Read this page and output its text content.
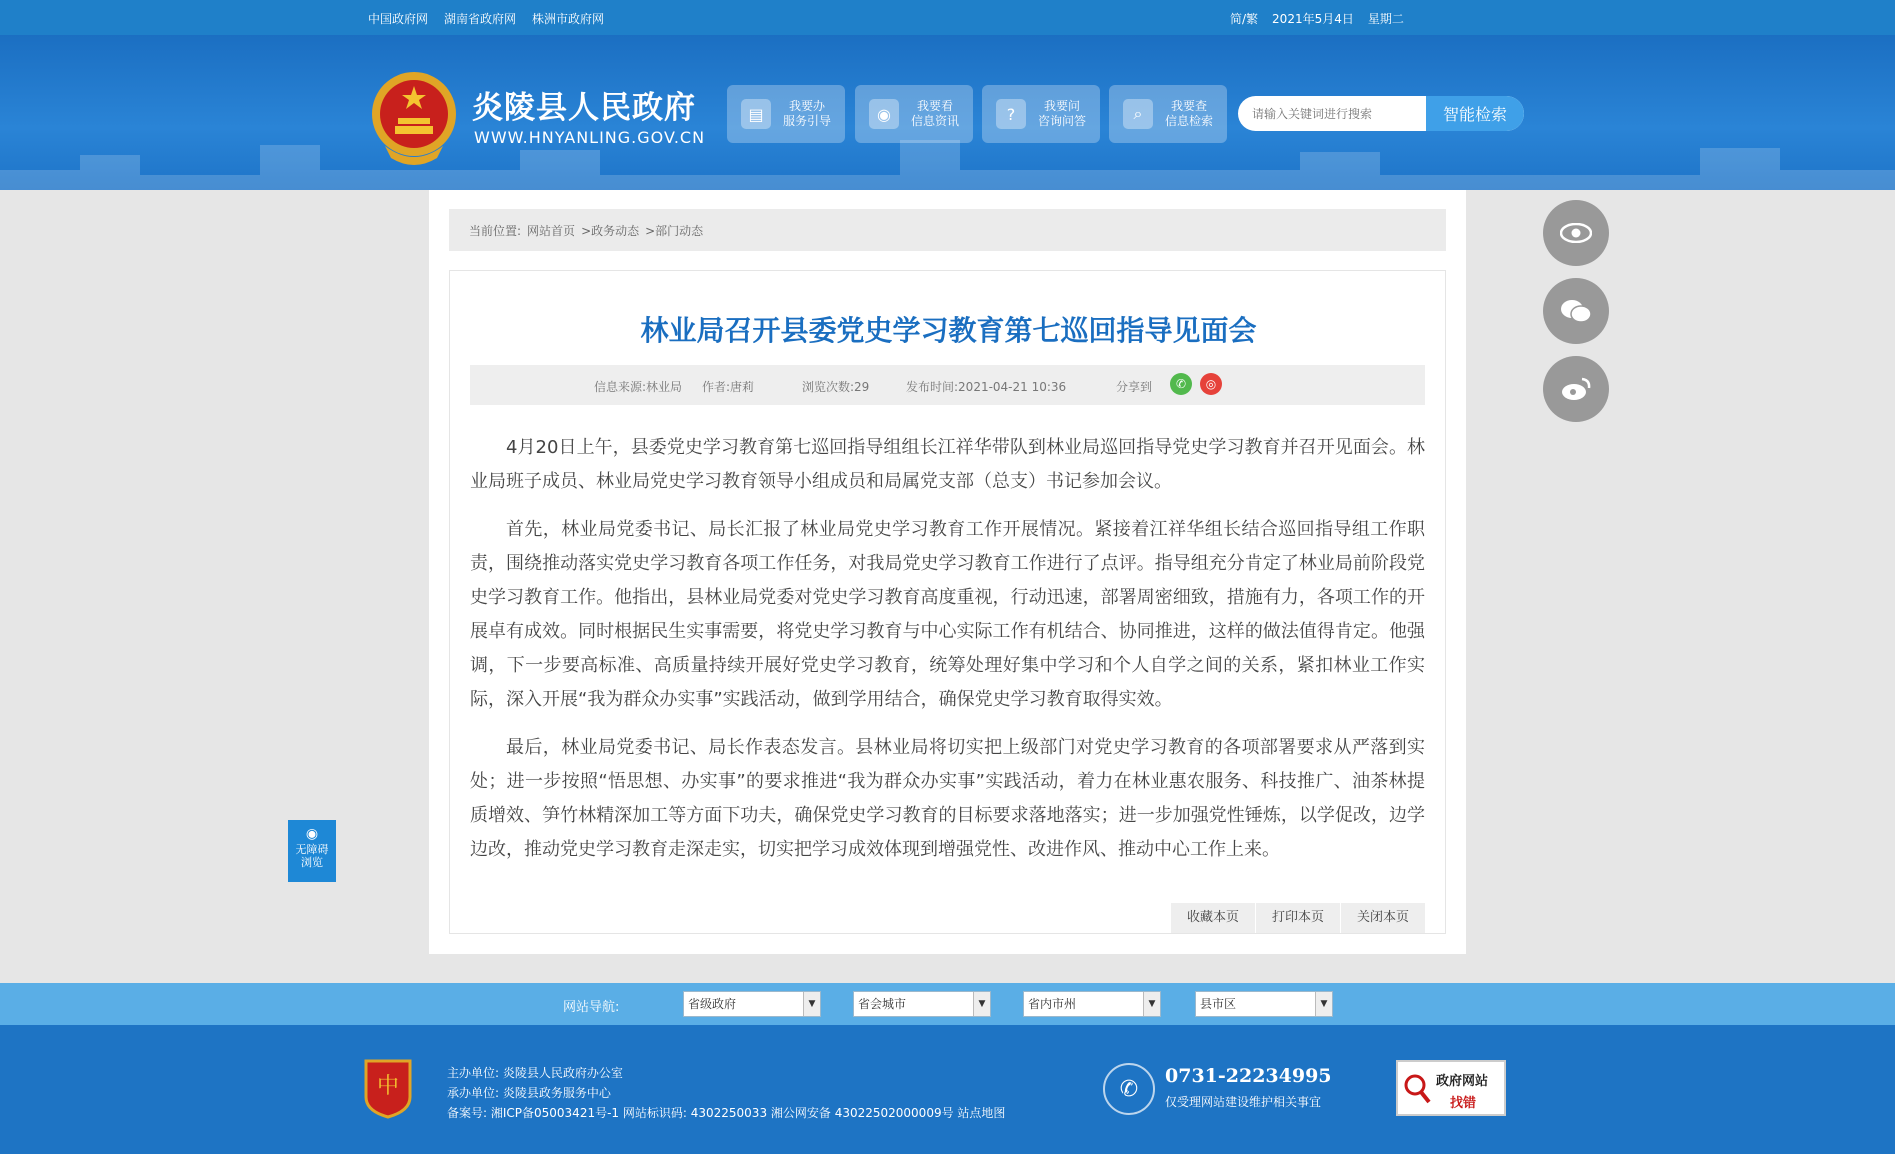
中国政府网 湖南省政府网 株洲市政府网	简/繁 2021年5月4日 星期二
炎陵县人民政府
WWW.HNYANLING.GOV.CN
▤	我要办
服务引导	◉	我要看
信息资讯	?	我要问
咨询问答	⌕	我要查
信息检索
请输入关键词进行搜索	智能检索
当前位置: 网站首页 >政务动态 >部门动态
林业局召开县委党史学习教育第七巡回指导见面会
信息来源:林业局 作者:唐莉	浏览次数:29	发布时间:2021-04-21 10:36	分享到	✆	◎

4月20日上午，县委党史学习教育第七巡回指导组组长江祥华带队到林业局巡回指导党史学习教育并召开见面会。林业局班子成员、林业局党史学习教育领导小组成员和局属党支部（总支）书记参加会议。

首先，林业局党委书记、局长汇报了林业局党史学习教育工作开展情况。紧接着江祥华组长结合巡回指导组工作职责，围绕推动落实党史学习教育各项工作任务，对我局党史学习教育工作进行了点评。指导组充分肯定了林业局前阶段党史学习教育工作。他指出，县林业局党委对党史学习教育高度重视，行动迅速，部署周密细致，措施有力，各项工作的开展卓有成效。同时根据民生实事需要，将党史学习教育与中心实际工作有机结合、协同推进，这样的做法值得肯定。他强调，下一步要高标准、高质量持续开展好党史学习教育，统筹处理好集中学习和个人自学之间的关系，紧扣林业工作实际，深入开展“我为群众办实事”实践活动，做到学用结合，确保党史学习教育取得实效。

最后，林业局党委书记、局长作表态发言。县林业局将切实把上级部门对党史学习教育的各项部署要求从严落到实处；进一步按照“悟思想、办实事”的要求推进“我为群众办实事”实践活动，着力在林业惠农服务、科技推广、油茶林提质增效、笋竹林精深加工等方面下功夫，确保党史学习教育的目标要求落地落实；进一步加强党性锤炼，以学促改，边学边改，推动党史学习教育走深走实，切实把学习成效体现到增强党性、改进作风、推动中心工作上来。

收藏本页	打印本页	关闭本页
◉
无障碍
浏览
网站导航:	省级政府	▼	省会城市	▼	省内市州	▼	县市区	▼
中
主办单位: 炎陵县人民政府办公室
承办单位: 炎陵县政务服务中心
备案号: 湘ICP备05003421号-1 网站标识码: 4302250033 湘公网安备 43022502000009号 站点地图
✆
0731-22234995
仅受理网站建设维护相关事宜
政府网站
找错
